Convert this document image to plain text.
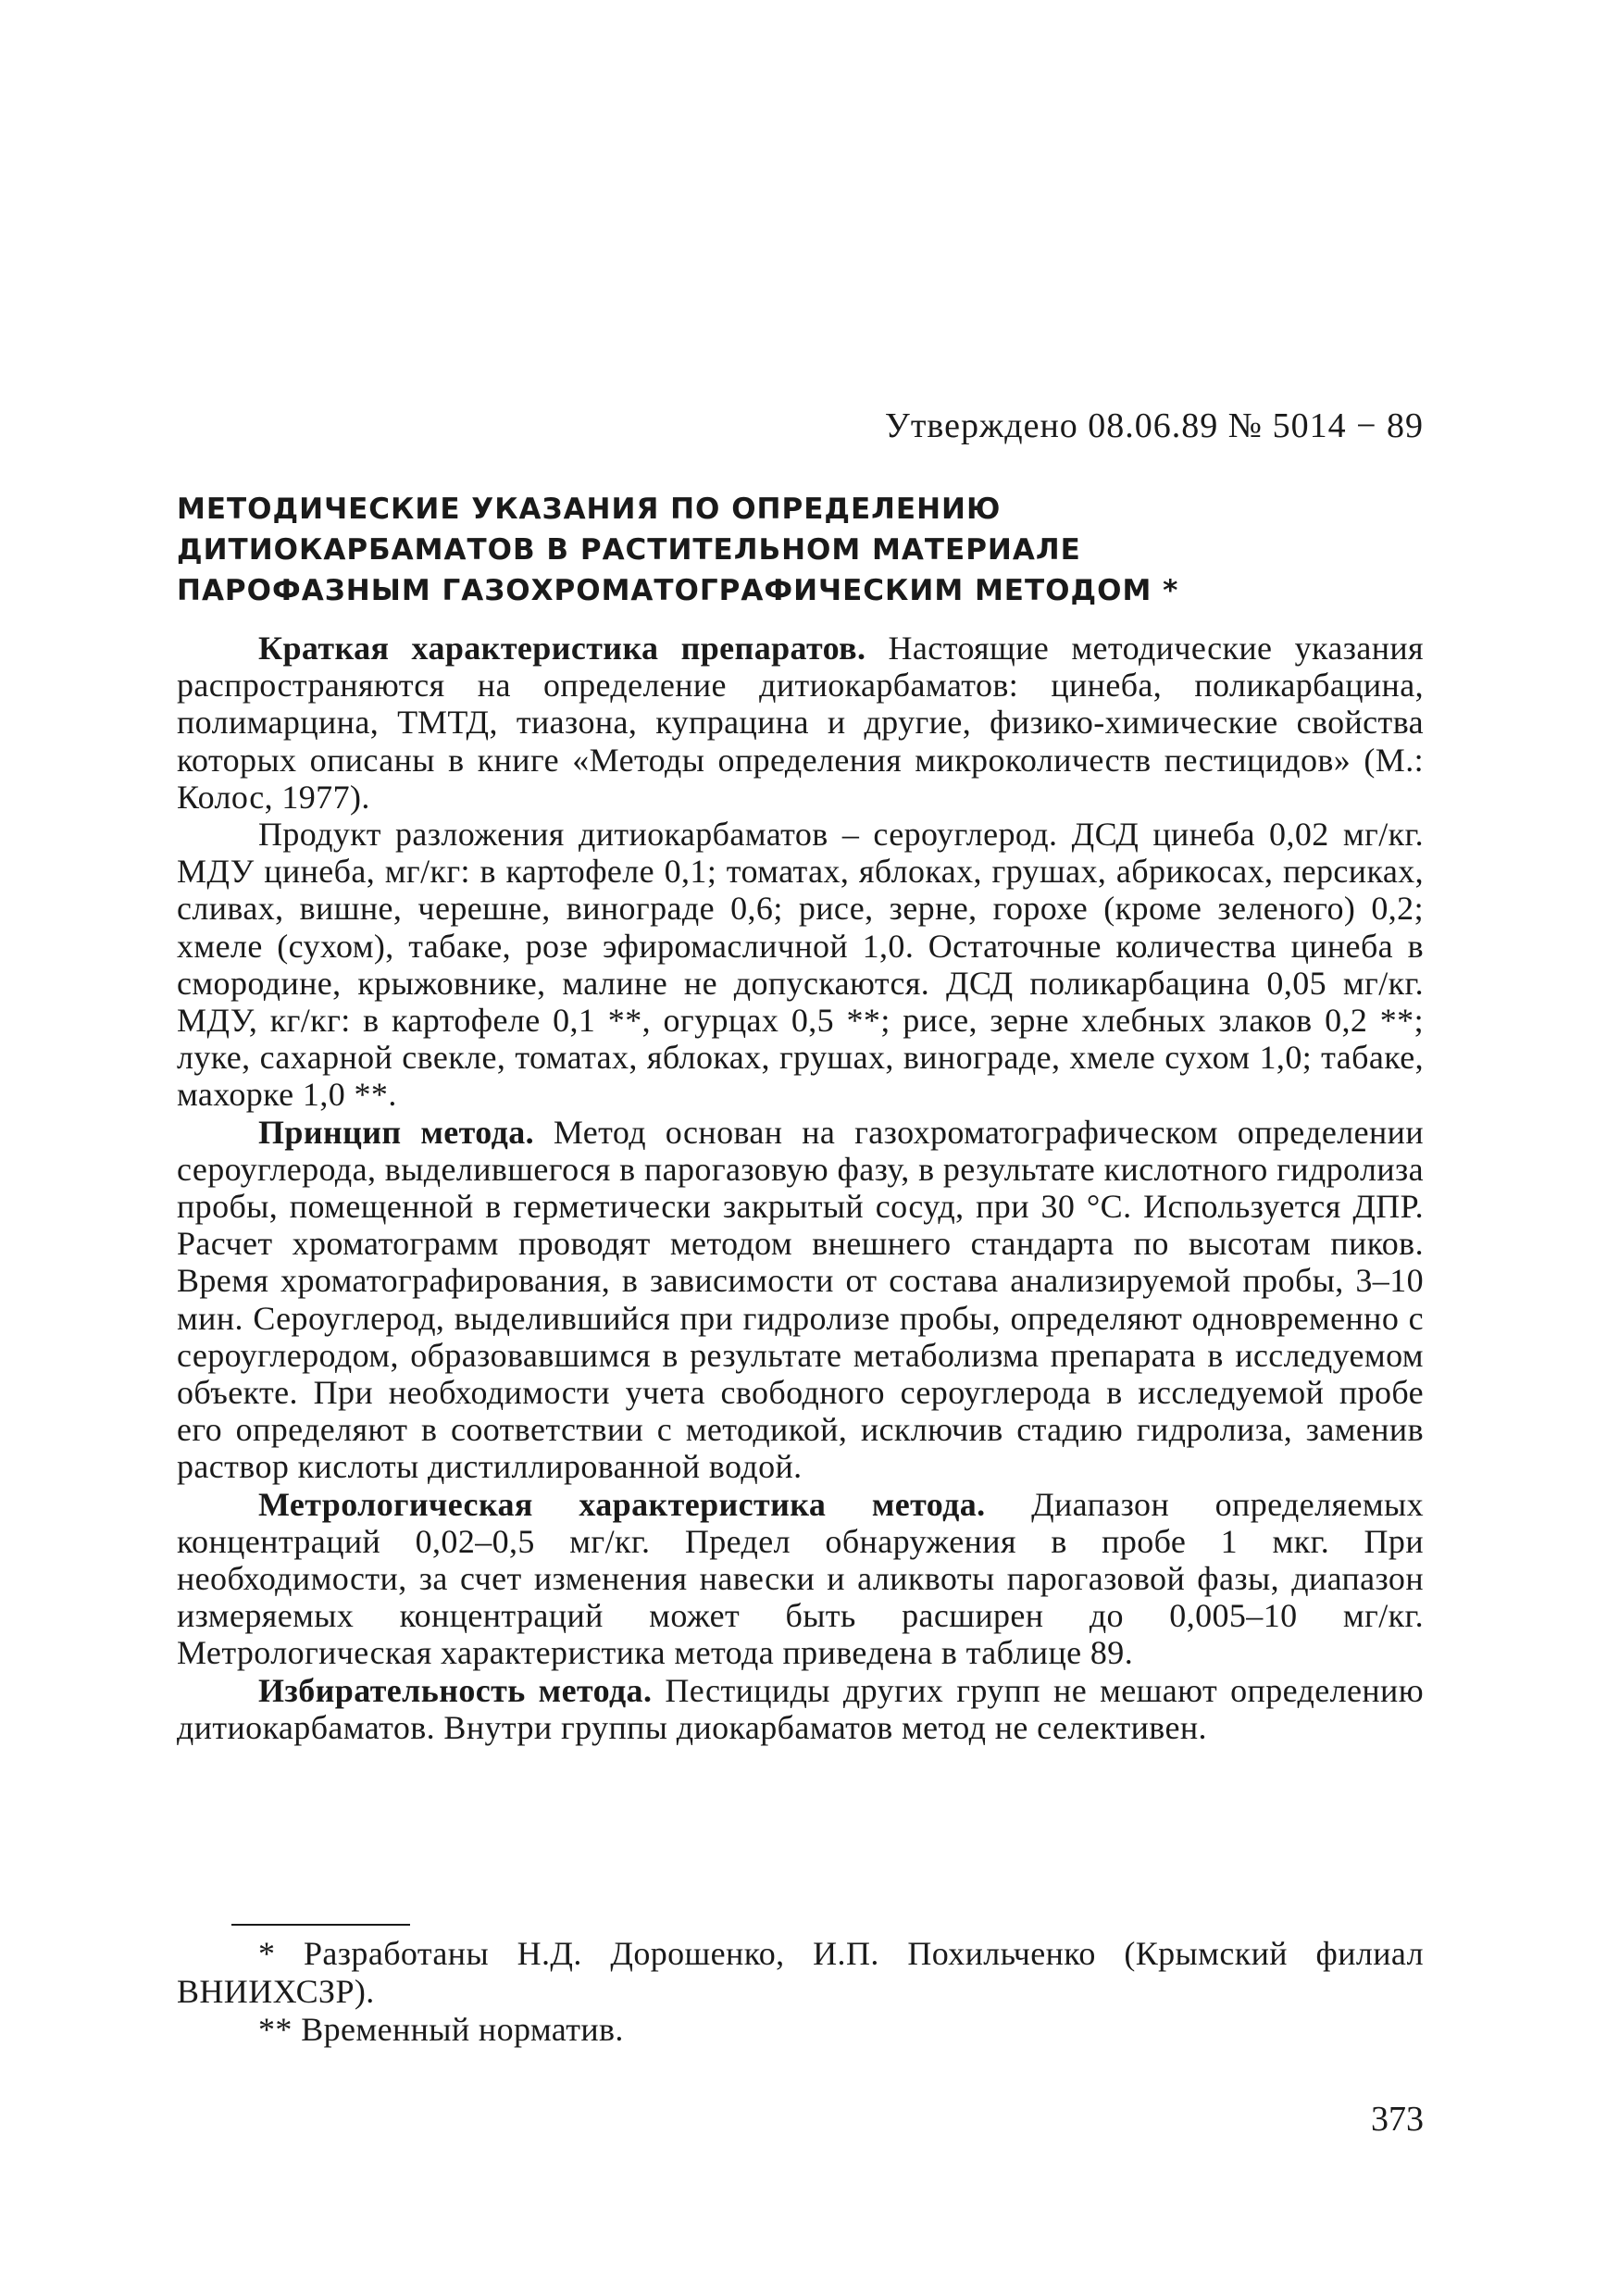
Утверждено 08.06.89 № 5014 − 89
МЕТОДИЧЕСКИЕ УКАЗАНИЯ ПО ОПРЕДЕЛЕНИЮ
ДИТИОКАРБАМАТОВ В РАСТИТЕЛЬНОМ МАТЕРИАЛЕ
ПАРОФАЗНЫМ ГАЗОХРОМАТОГРАФИЧЕСКИМ МЕТОДОМ *

Краткая характеристика препаратов. Настоящие методические указания распространяются на определение дитиокарбаматов: цинеба, поликарбацина, полимарцина, ТМТД, тиазона, купрацина и другие, физико-химические свойства которых описаны в книге «Методы определения микроколичеств пестицидов» (М.: Колос, 1977).

Продукт разложения дитиокарбаматов – сероуглерод. ДСД цинеба 0,02 мг/кг. МДУ цинеба, мг/кг: в картофеле 0,1; томатах, яблоках, грушах, абрикосах, персиках, сливах, вишне, черешне, винограде 0,6; рисе, зерне, горохе (кроме зеленого) 0,2; хмеле (сухом), табаке, розе эфиромасличной 1,0. Остаточные количества цинеба в смородине, крыжовнике, малине не допускаются. ДСД поликарбацина 0,05 мг/кг. МДУ, кг/кг: в картофеле 0,1 **, огурцах 0,5 **; рисе, зерне хлебных злаков 0,2 **; луке, сахарной свекле, томатах, яблоках, грушах, винограде, хмеле сухом 1,0; табаке, махорке 1,0 **.

Принцип метода. Метод основан на газохроматографическом определении сероуглерода, выделившегося в парогазовую фазу, в результате кислотного гидролиза пробы, помещенной в герметически закрытый сосуд, при 30 °С. Используется ДПР. Расчет хроматограмм проводят методом внешнего стандарта по высотам пиков. Время хроматографирования, в зависимости от состава анализируемой пробы, 3–10 мин. Сероуглерод, выделившийся при гидролизе пробы, определяют одновременно с сероуглеродом, образовавшимся в результате метаболизма препарата в исследуемом объекте. При необходимости учета свободного сероуглерода в исследуемой пробе его определяют в соответствии с методикой, исключив стадию гидролиза, заменив раствор кислоты дистиллированной водой.

Метрологическая характеристика метода. Диапазон определяемых концентраций 0,02–0,5 мг/кг. Предел обнаружения в пробе 1 мкг. При необходимости, за счет изменения навески и аликвоты парогазовой фазы, диапазон измеряемых концентраций может быть расширен до 0,005–10 мг/кг. Метрологическая характеристика метода приведена в таблице 89.

Избирательность метода. Пестициды других групп не мешают определению дитиокарбаматов. Внутри группы диокарбаматов метод не селективен.

* Разработаны Н.Д. Дорошенко, И.П. Похильченко (Крымский филиал ВНИИХСЗР).

** Временный норматив.

373
